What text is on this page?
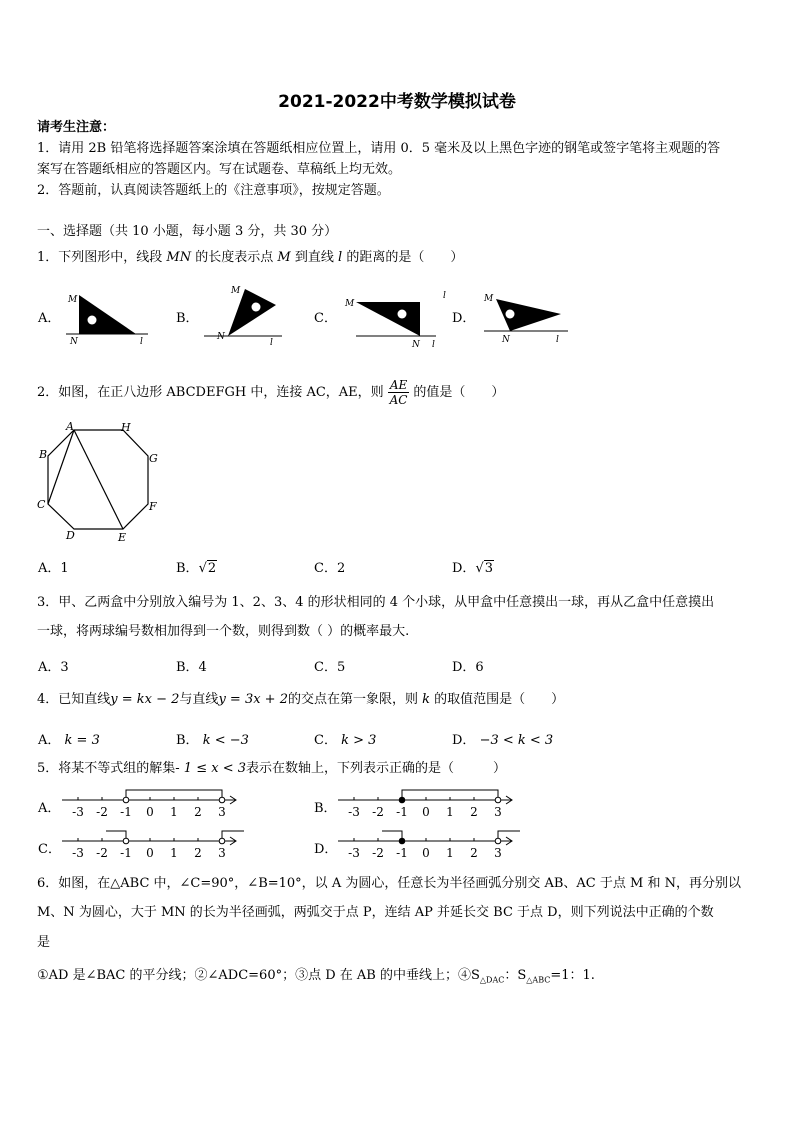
2021-2022中考数学模拟试卷
请考生注意：
1．请用 2B 铅笔将选择题答案涂填在答题纸相应位置上，请用 0．5 毫米及以上黑色字迹的钢笔或签字笔将主观题的答
案写在答题纸相应的答题区内。写在试题卷、草稿纸上均无效。
2．答题前，认真阅读答题纸上的《注意事项》，按规定答题。
一、选择题（共 10 小题，每小题 3 分，共 30 分）
1．下列图形中，线段 MN 的长度表示点 M 到直线 l 的距离的是（　　）
A．
M
N	l
B．
M
N
l
C．
M
N l
l
D．
M
N	l
2．如图，在正八边形 ABCDEFGH 中，连接 AC，AE，则 $\frac{AE}{AC}$ 的值是（　　）
A
B
C
D	E
F
G
H
A．1	B．√2	C．2	D．√3
3．甲、乙两盒中分别放入编号为 1、2、3、4 的形状相同的 4 个小球，从甲盒中任意摸出一球，再从乙盒中任意摸出
一球，将两球编号数相加得到一个数，则得到数（ ）的概率最大.
A．3	B．4	C．5	D．6
4．已知直线y = kx − 2与直线y = 3x + 2的交点在第一象限，则 k 的取值范围是（　　）
A． k = 3	B． k < −3	C． k > 3	D． −3 < k < 3
5．将某不等式组的解集- 1 ≤ x < 3表示在数轴上，下列表示正确的是（　　　）
A． -3 -2 -1 0 1 2 3	B． -3 -2 -1 0 1 2 3
C． -3 -2 -1 0 1 2 3	D． -3 -2 -1 0 1 2 3
6．如图，在△ABC 中，∠C=90°，∠B=10°，以 A 为圆心，任意长为半径画弧分别交 AB、AC 于点 M 和 N，再分别以
M、N 为圆心，大于 MN 的长为半径画弧，两弧交于点 P，连结 AP 并延长交 BC 于点 D，则下列说法中正确的个数
是
①AD 是∠BAC 的平分线；②∠ADC=60°；③点 D 在 AB 的中垂线上；$④S_{\triangle DAC}$：$S_{\triangle ABC}=1$：1.
